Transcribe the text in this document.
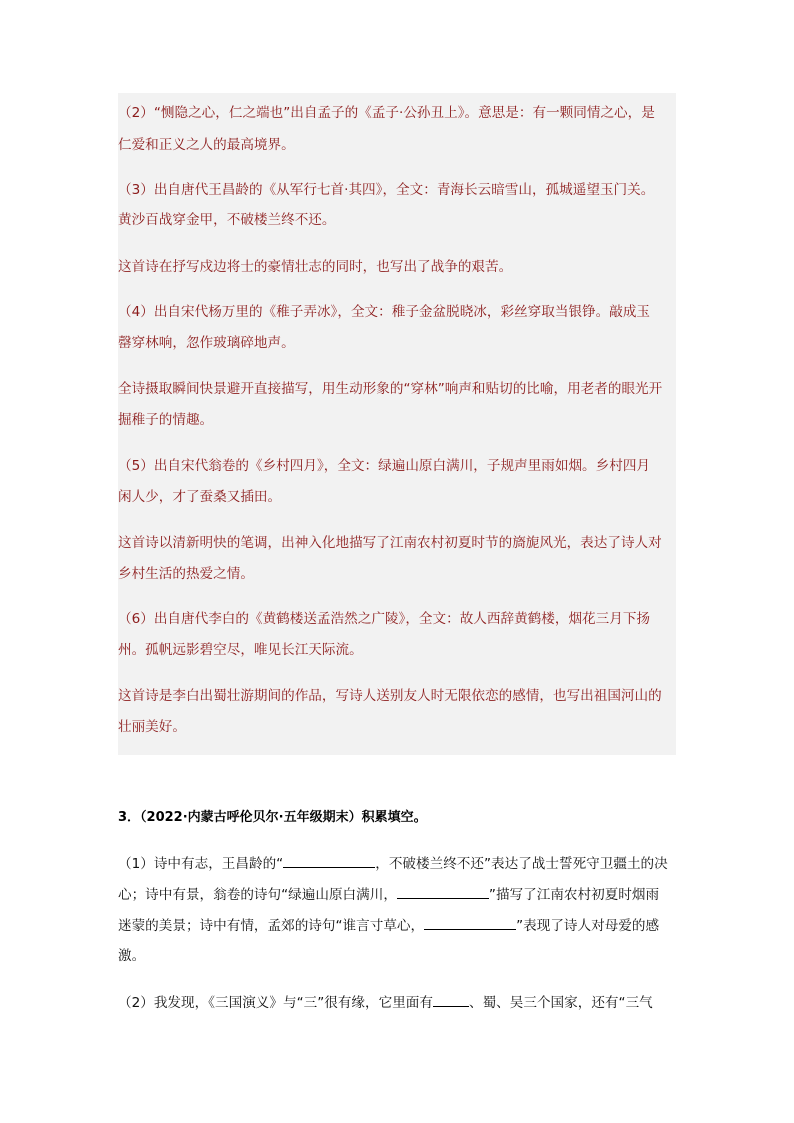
（2）“恻隐之心，仁之端也”出自孟子的《孟子·公孙丑上》。意思是：有一颗同情之心，是

仁爱和正义之人的最高境界。

（3）出自唐代王昌龄的《从军行七首·其四》，全文：青海长云暗雪山，孤城遥望玉门关。

黄沙百战穿金甲，不破楼兰终不还。

这首诗在抒写戍边将士的豪情壮志的同时，也写出了战争的艰苦。

（4）出自宋代杨万里的《稚子弄冰》，全文：稚子金盆脱晓冰，彩丝穿取当银铮。敲成玉

罄穿林响，忽作玻璃碎地声。

全诗摄取瞬间快景避开直接描写，用生动形象的“穿林”响声和贴切的比喻，用老者的眼光开

掘稚子的情趣。

（5）出自宋代翁卷的《乡村四月》，全文：绿遍山原白满川，子规声里雨如烟。乡村四月

闲人少，才了蚕桑又插田。

这首诗以清新明快的笔调，出神入化地描写了江南农村初夏时节的旖旎风光，表达了诗人对

乡村生活的热爱之情。

（6）出自唐代李白的《黄鹤楼送孟浩然之广陵》，全文：故人西辞黄鹤楼，烟花三月下扬

州。孤帆远影碧空尽，唯见长江天际流。

这首诗是李白出蜀壮游期间的作品，写诗人送别友人时无限依恋的感情，也写出祖国河山的

壮丽美好。

3．（2022·内蒙古呼伦贝尔·五年级期末）积累填空。

（1）诗中有志，王昌龄的“	，不破楼兰终不还”表达了战士誓死守卫疆土的决

心；诗中有景，翁卷的诗句“绿遍山原白满川，	”描写了江南农村初夏时烟雨

迷蒙的美景；诗中有情，孟郊的诗句“谁言寸草心，	”表现了诗人对母爱的感

激。

（2）我发现，《三国演义》与“三”很有缘，它里面有	、蜀、吴三个国家，还有“三气
